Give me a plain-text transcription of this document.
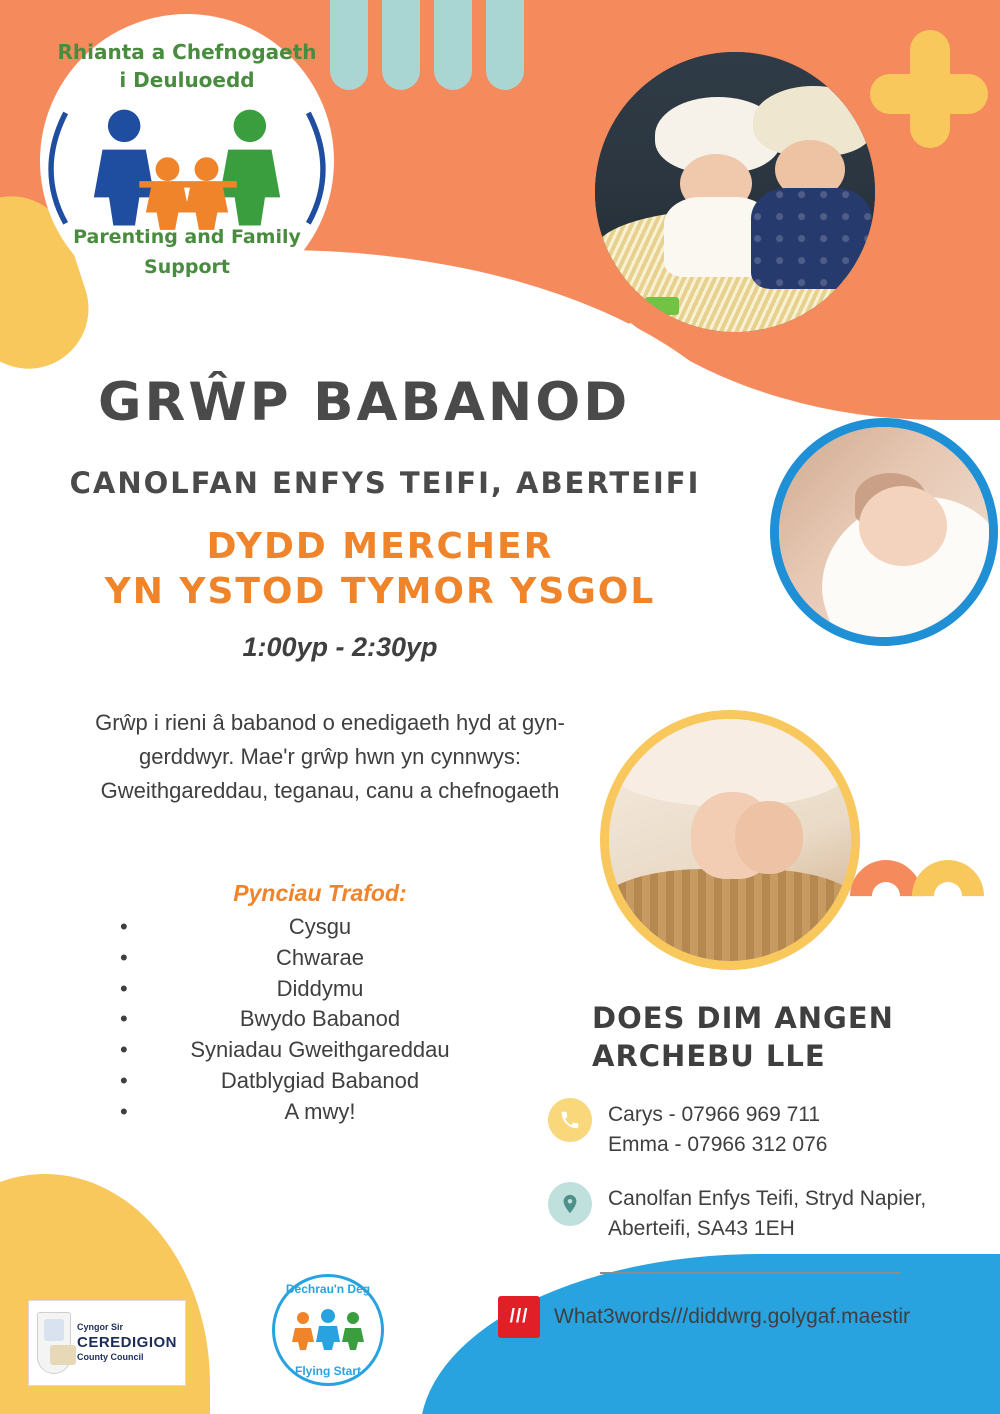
Rhianta a Chefnogaeth
i Deuluoedd
Parenting and Family
Support
GRŴP BABANOD
CANOLFAN ENFYS TEIFI, ABERTEIFI
DYDD MERCHER
YN YSTOD TYMOR YSGOL
1:00yp - 2:30yp
Grŵp i rieni â babanod o enedigaeth hyd at gyn-gerddwyr. Mae'r grŵp hwn yn cynnwys: Gweithgareddau, teganau, canu a chefnogaeth
Pynciau Trafod:
• Cysgu
• Chwarae
• Diddymu
• Bwydo Babanod
• Syniadau Gweithgareddau
• Datblygiad Babanod
• A mwy!
DOES DIM ANGEN
ARCHEBU LLE
Carys - 07966 969 711
Emma - 07966 312 076
Canolfan Enfys Teifi, Stryd Napier,
Aberteifi, SA43 1EH
///	What3words///diddwrg.golygaf.maestir
Cyngor Sir
CEREDIGION
County Council
Dechrau'n Deg
Flying Start
